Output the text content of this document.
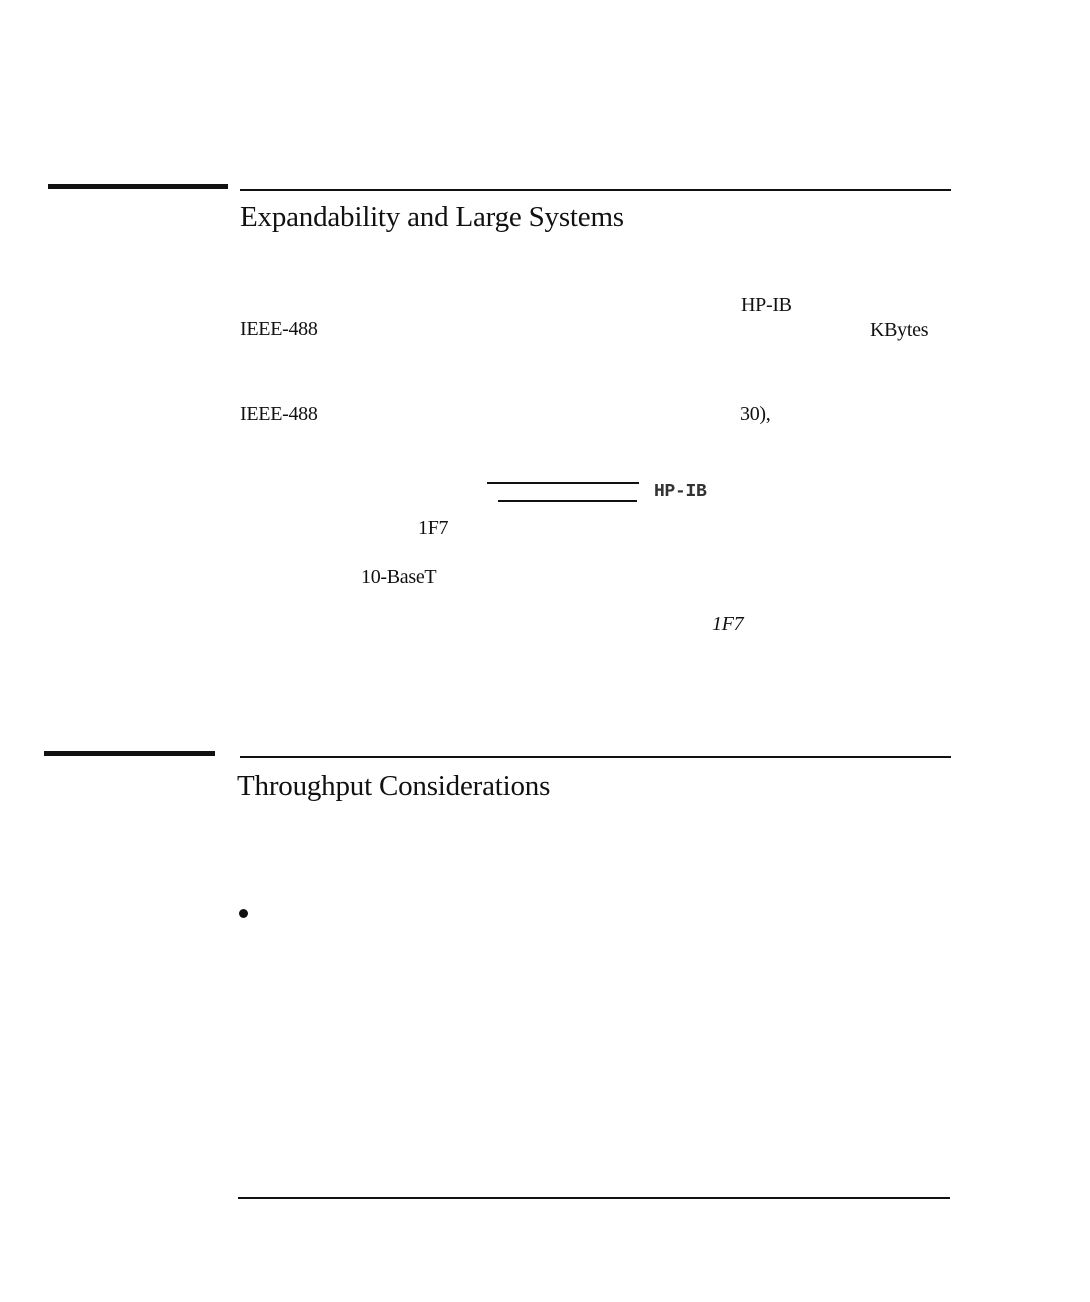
Expandability and Large Systems
HP-IB
IEEE-488	KBytes
IEEE-488	30),
HP-IB
1F7
10-BaseT
1F7
Throughput Considerations
